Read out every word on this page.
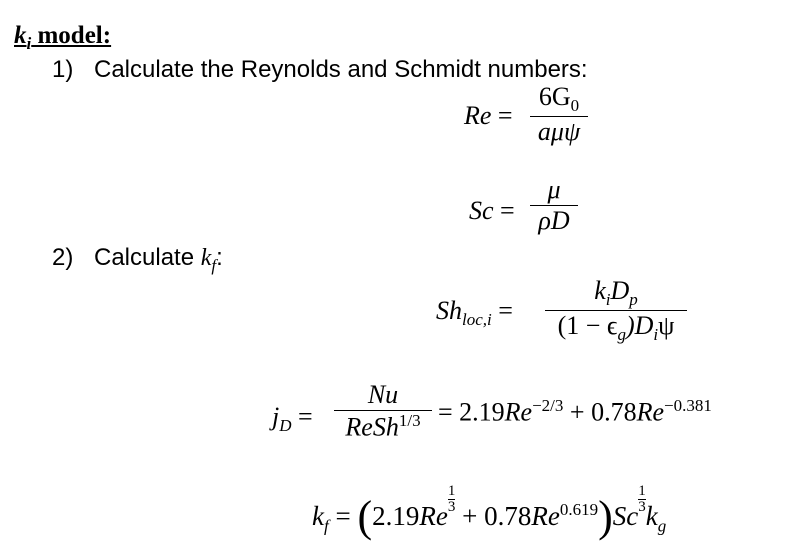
$k_i$ model:
1) Calculate the Reynolds and Schmidt numbers:
Re =
$6G_0$
aμψ
$Sc = \frac{\mu}{\rho D}$
2) Calculate $k_f$:
$Sh_{loc,i}$ =
$k_iD_p$
$(1 - \epsilon_g)D_i\psi$
$j_D$ =
Nu
ReSh$^{1/3}$ = $2.19Re^{-2/3} + 0.78Re^{-0.381}$
$k_f = (2.19Re$
$\frac{1}{3}$
+ $0.78Re^{0.619})Sc$
$\frac{1}{3}$
$k_g$
